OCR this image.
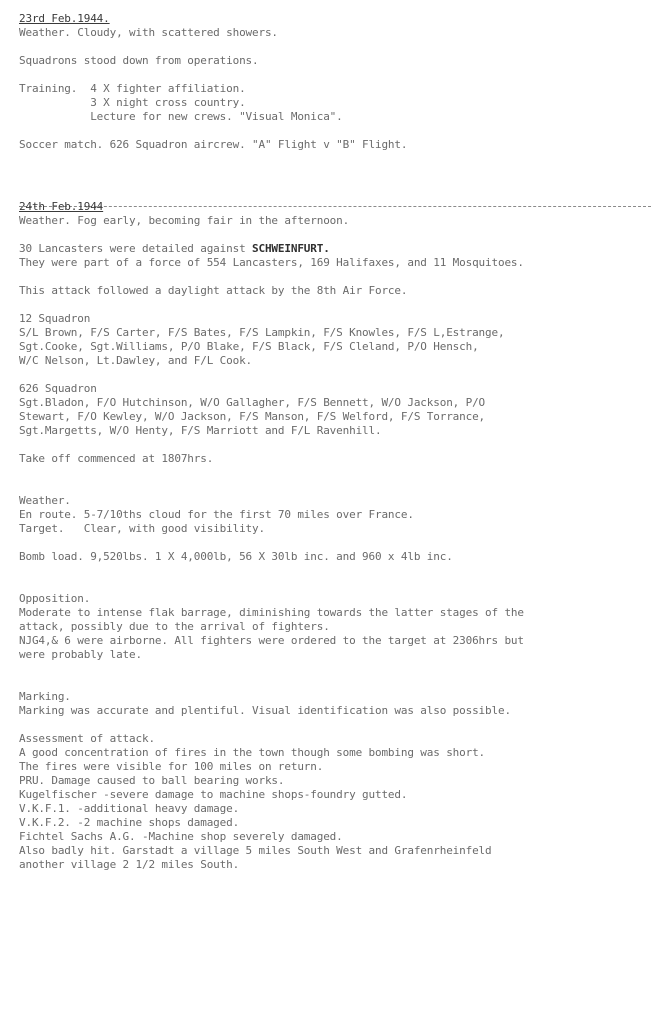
23rd Feb.1944.
Weather. Cloudy, with scattered showers.
Squadrons stood down from operations.
Training.  4 X fighter affiliation.
3 X night cross country.
Lecture for new crews. "Visual Monica".
Soccer match. 626 Squadron aircrew. "A" Flight v "B" Flight.
24th Feb.1944
Weather. Fog early, becoming fair in the afternoon.
30 Lancasters were detailed against SCHWEINFURT.
They were part of a force of 554 Lancasters, 169 Halifaxes, and 11 Mosquitoes.
This attack followed a daylight attack by the 8th Air Force.
12 Squadron
S/L Brown, F/S Carter, F/S Bates, F/S Lampkin, F/S Knowles, F/S L,Estrange,
Sgt.Cooke, Sgt.Williams, P/O Blake, F/S Black, F/S Cleland, P/O Hensch,
W/C Nelson, Lt.Dawley, and F/L Cook.
626 Squadron
Sgt.Bladon, F/O Hutchinson, W/O Gallagher, F/S Bennett, W/O Jackson, P/O
Stewart, F/O Kewley, W/O Jackson, F/S Manson, F/S Welford, F/S Torrance,
Sgt.Margetts, W/O Henty, F/S Marriott and F/L Ravenhill.
Take off commenced at 1807hrs.
Weather.
En route. 5-7/10ths cloud for the first 70 miles over France.
Target.   Clear, with good visibility.
Bomb load. 9,520lbs. 1 X 4,000lb, 56 X 30lb inc. and 960 x 4lb inc.
Opposition.
Moderate to intense flak barrage, diminishing towards the latter stages of the
attack, possibly due to the arrival of fighters.
NJG4,& 6 were airborne. All fighters were ordered to the target at 2306hrs but
were probably late.
Marking.
Marking was accurate and plentiful. Visual identification was also possible.
Assessment of attack.
A good concentration of fires in the town though some bombing was short.
The fires were visible for 100 miles on return.
PRU. Damage caused to ball bearing works.
Kugelfischer -severe damage to machine shops-foundry gutted.
V.K.F.1. -additional heavy damage.
V.K.F.2. -2 machine shops damaged.
Fichtel Sachs A.G. -Machine shop severely damaged.
Also badly hit. Garstadt a village 5 miles South West and Grafenrheinfeld
another village 2 1/2 miles South.
